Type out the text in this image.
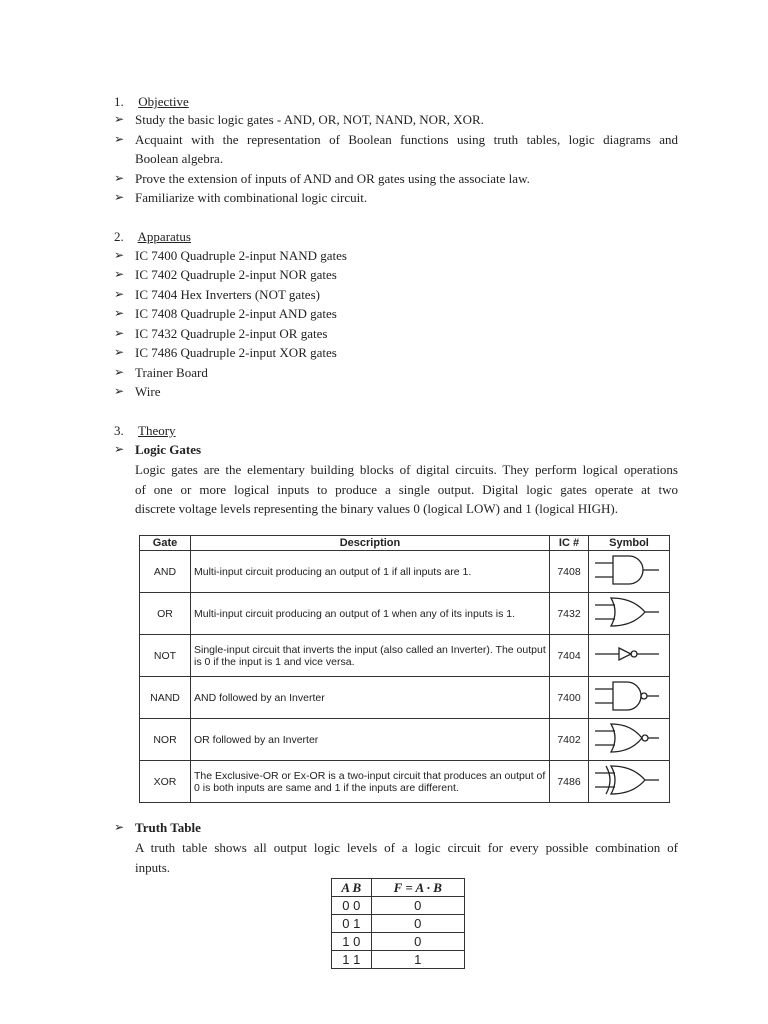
1. Objective
➢ Study the basic logic gates - AND, OR, NOT, NAND, NOR, XOR.
➢ Acquaint with the representation of Boolean functions using truth tables, logic diagrams and
Boolean algebra.
➢ Prove the extension of inputs of AND and OR gates using the associate law.
➢ Familiarize with combinational logic circuit.
2. Apparatus
➢ IC 7400 Quadruple 2-input NAND gates
➢ IC 7402 Quadruple 2-input NOR gates
➢ IC 7404 Hex Inverters (NOT gates)
➢ IC 7408 Quadruple 2-input AND gates
➢ IC 7432 Quadruple 2-input OR gates
➢ IC 7486 Quadruple 2-input XOR gates
➢ Trainer Board
➢ Wire
3. Theory
➢ Logic Gates
Logic gates are the elementary building blocks of digital circuits. They perform logical operations
of one or more logical inputs to produce a single output. Digital logic gates operate at two
discrete voltage levels representing the binary values 0 (logical LOW) and 1 (logical HIGH).
Gate	Description	IC #	Symbol
AND	Multi-input circuit producing an output of 1 if all inputs are 1.	7408	
OR	Multi-input circuit producing an output of 1 when any of its inputs is 1.	7432	
NOT	Single-input circuit that inverts the input (also called an Inverter). The output is 0 if the input is 1 and vice versa.	7404	
NAND	AND followed by an Inverter	7400	
NOR	OR followed by an Inverter	7402	
XOR	The Exclusive-OR or Ex-OR is a two-input circuit that produces an output of 0 is both inputs are same and 1 if the inputs are different.	7486	
➢ Truth Table
A truth table shows all output logic levels of a logic circuit for every possible combination of
inputs.
A B	F = A · B
0 0	0
0 1	0
1 0	0
1 1	1
